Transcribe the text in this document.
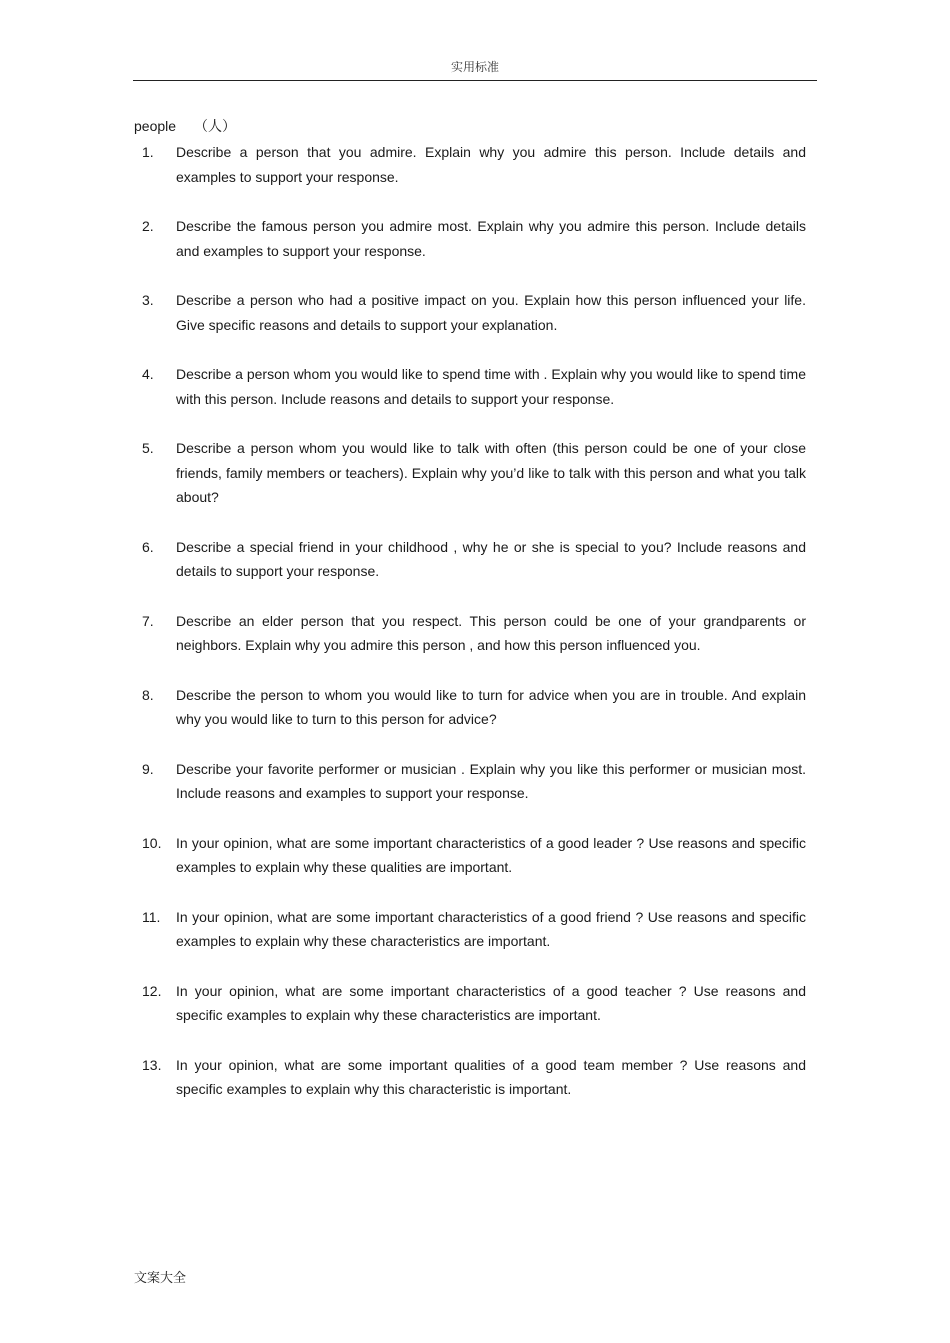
实用标准
people （人）
1. Describe a person that you admire. Explain why you admire this person. Include details and examples to support your response.
2. Describe the famous person you admire most. Explain why you admire this person. Include details and examples to support your response.
3. Describe a person who had a positive impact on you. Explain how this person influenced your life. Give specific reasons and details to support your explanation.
4. Describe a person whom you would like to spend time with . Explain why you would like to spend time with this person. Include reasons and details to support your response.
5. Describe a person whom you would like to talk with often (this person could be one of your close friends, family members or teachers). Explain why you’d like to talk with this person and what you talk about?
6. Describe a special friend in your childhood , why he or she is special to you? Include reasons and details to support your response.
7. Describe an elder person that you respect. This person could be one of your grandparents or neighbors. Explain why you admire this person , and how this person influenced you.
8. Describe the person to whom you would like to turn for advice when you are in trouble. And explain why you would like to turn to this person for advice?
9. Describe your favorite performer or musician . Explain why you like this performer or musician most. Include reasons and examples to support your response.
10. In your opinion, what are some important characteristics of a good leader ? Use reasons and specific examples to explain why these qualities are important.
11. In your opinion, what are some important characteristics of a good friend ? Use reasons and specific examples to explain why these characteristics are important.
12. In your opinion, what are some important characteristics of a good teacher ? Use reasons and specific examples to explain why these characteristics are important.
13. In your opinion, what are some important qualities of a good team member ? Use reasons and specific examples to explain why this characteristic is important.
文案大全
